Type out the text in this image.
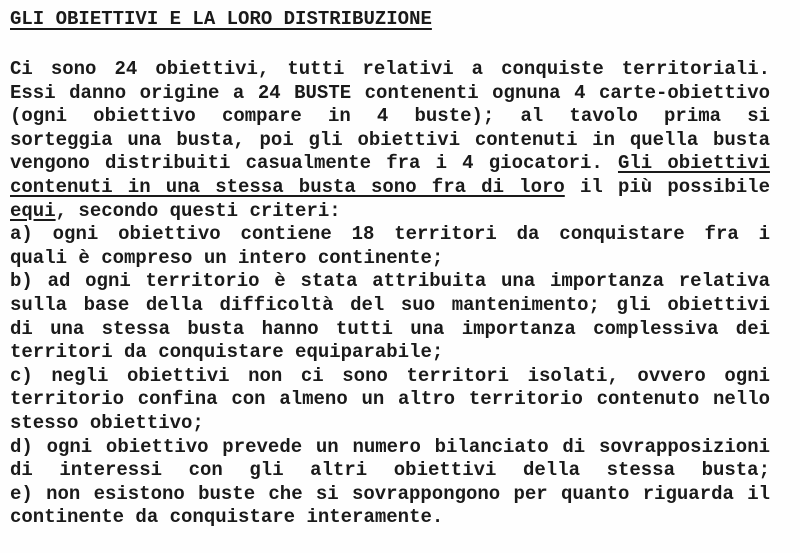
GLI OBIETTIVI E LA LORO DISTRIBUZIONE
Ci sono 24 obiettivi, tutti relativi a conquiste territoriali.
Essi danno origine a 24 BUSTE contenenti ognuna 4 carte-obiettivo
(ogni obiettivo compare in 4 buste); al tavolo prima si
sorteggia una busta, poi gli obiettivi contenuti in quella busta
vengono distribuiti casualmente fra i 4 giocatori. Gli obiettivi
contenuti in una stessa busta sono fra di loro il più possibile
equi, secondo questi criteri:
a) ogni obiettivo contiene 18 territori da conquistare fra i
quali è compreso un intero continente;
b) ad ogni territorio è stata attribuita una importanza relativa
sulla base della difficoltà del suo mantenimento; gli obiettivi
di una stessa busta hanno tutti una importanza complessiva dei
territori da conquistare equiparabile;
c) negli obiettivi non ci sono territori isolati, ovvero ogni
territorio confina con almeno un altro territorio contenuto nello
stesso obiettivo;
d) ogni obiettivo prevede un numero bilanciato di sovrapposizioni
di interessi con gli altri obiettivi della stessa busta;
e) non esistono buste che si sovrappongono per quanto riguarda il
continente da conquistare interamente.
